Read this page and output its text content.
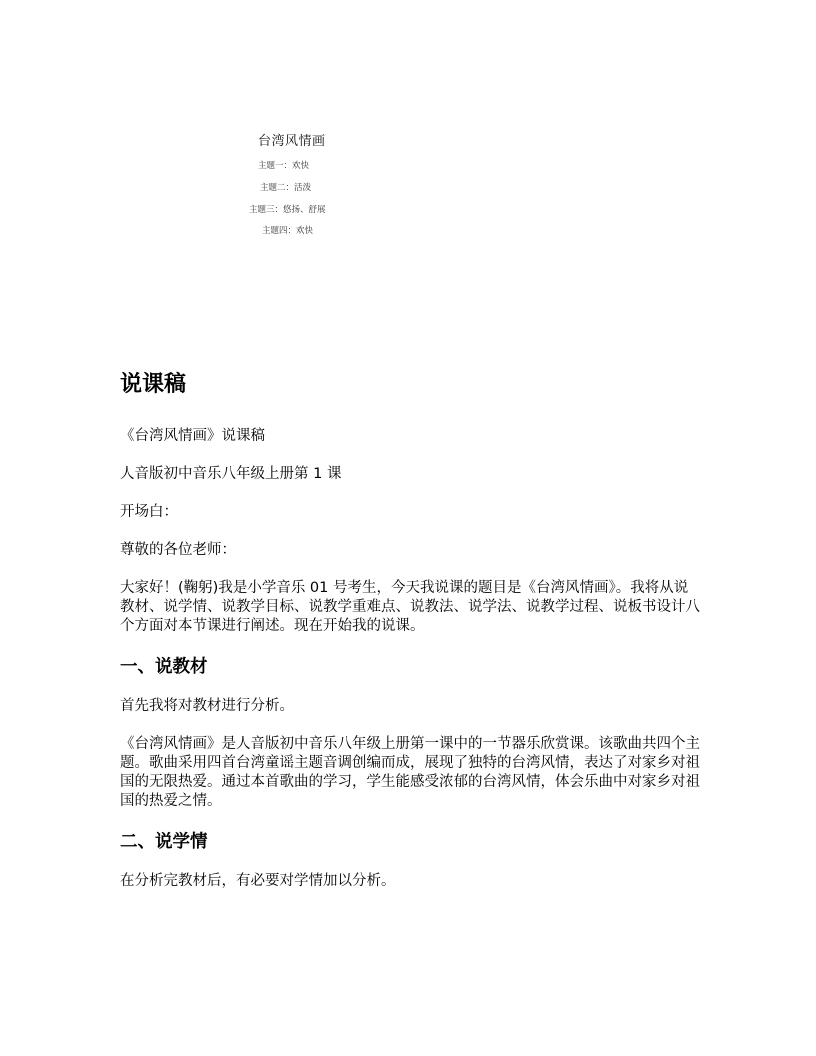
台湾风情画
主题一：欢快
主题二：活泼
主题三：悠扬、舒展
主题四：欢快
说课稿

《台湾风情画》说课稿

人音版初中音乐八年级上册第 1 课

开场白：

尊敬的各位老师：

大家好！(鞠躬)我是小学音乐 01 号考生，今天我说课的题目是《台湾风情画》。我将从说教材、说学情、说教学目标、说教学重难点、说教法、说学法、说教学过程、说板书设计八个方面对本节课进行阐述。现在开始我的说课。

一、说教材

首先我将对教材进行分析。

《台湾风情画》是人音版初中音乐八年级上册第一课中的一节器乐欣赏课。该歌曲共四个主题。歌曲采用四首台湾童谣主题音调创编而成，展现了独特的台湾风情，表达了对家乡对祖国的无限热爱。通过本首歌曲的学习，学生能感受浓郁的台湾风情，体会乐曲中对家乡对祖国的热爱之情。

二、说学情

在分析完教材后，有必要对学情加以分析。
